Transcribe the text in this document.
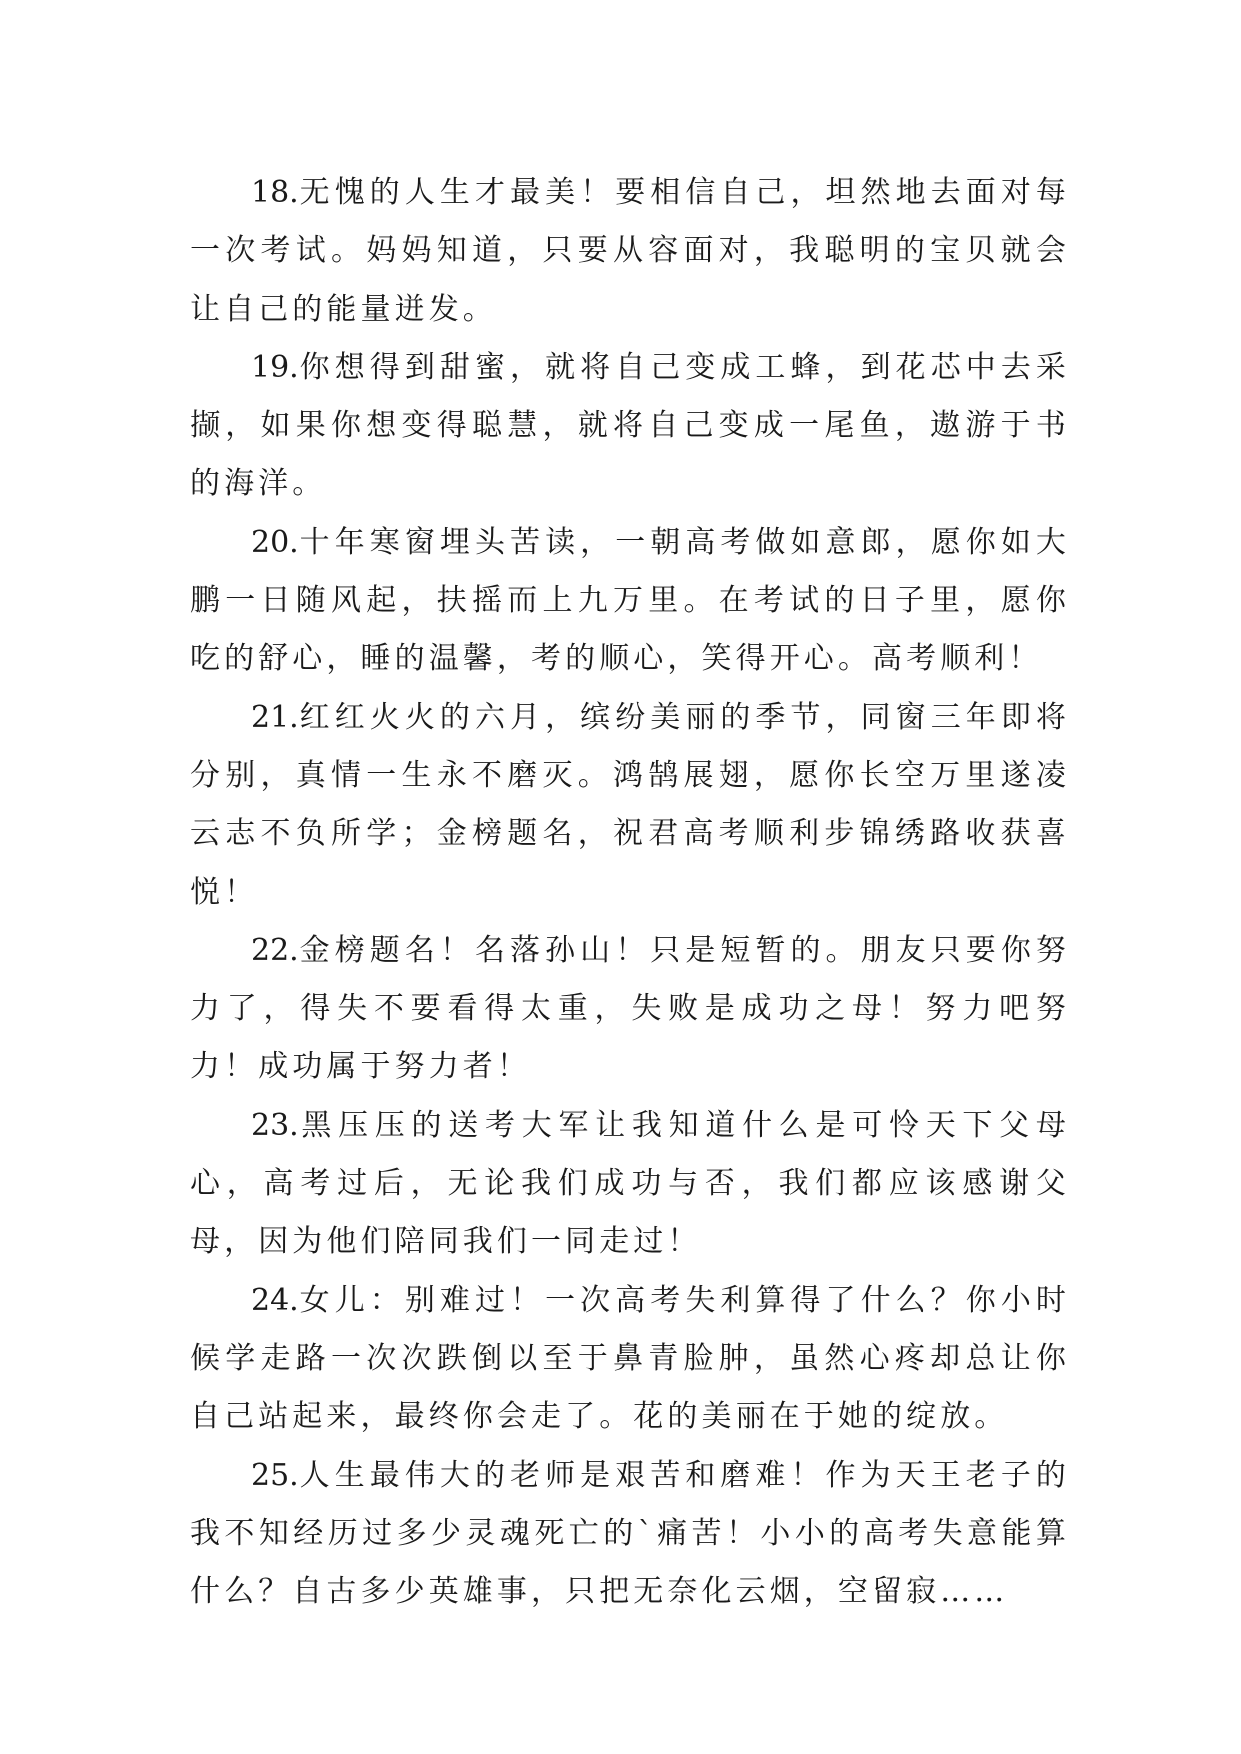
18.无愧的人生才最美！要相信自己，坦然地去面对每一次考试。妈妈知道，只要从容面对，我聪明的宝贝就会让自己的能量迸发。

19.你想得到甜蜜，就将自己变成工蜂，到花芯中去采撷，如果你想变得聪慧，就将自己变成一尾鱼，遨游于书的海洋。

20.十年寒窗埋头苦读，一朝高考做如意郎，愿你如大鹏一日随风起，扶摇而上九万里。在考试的日子里，愿你吃的舒心，睡的温馨，考的顺心，笑得开心。高考顺利！

21.红红火火的六月，缤纷美丽的季节，同窗三年即将分别，真情一生永不磨灭。鸿鹄展翅，愿你长空万里遂凌云志不负所学；金榜题名，祝君高考顺利步锦绣路收获喜悦！

22.金榜题名！名落孙山！只是短暂的。朋友只要你努力了，得失不要看得太重，失败是成功之母！努力吧努力！成功属于努力者！

23.黑压压的送考大军让我知道什么是可怜天下父母心，高考过后，无论我们成功与否，我们都应该感谢父母，因为他们陪同我们一同走过！

24.女儿：别难过！一次高考失利算得了什么？你小时候学走路一次次跌倒以至于鼻青脸肿，虽然心疼却总让你自己站起来，最终你会走了。花的美丽在于她的绽放。

25.人生最伟大的老师是艰苦和磨难！作为天王老子的我不知经历过多少灵魂死亡的`痛苦！小小的高考失意能算什么？自古多少英雄事，只把无奈化云烟，空留寂……
